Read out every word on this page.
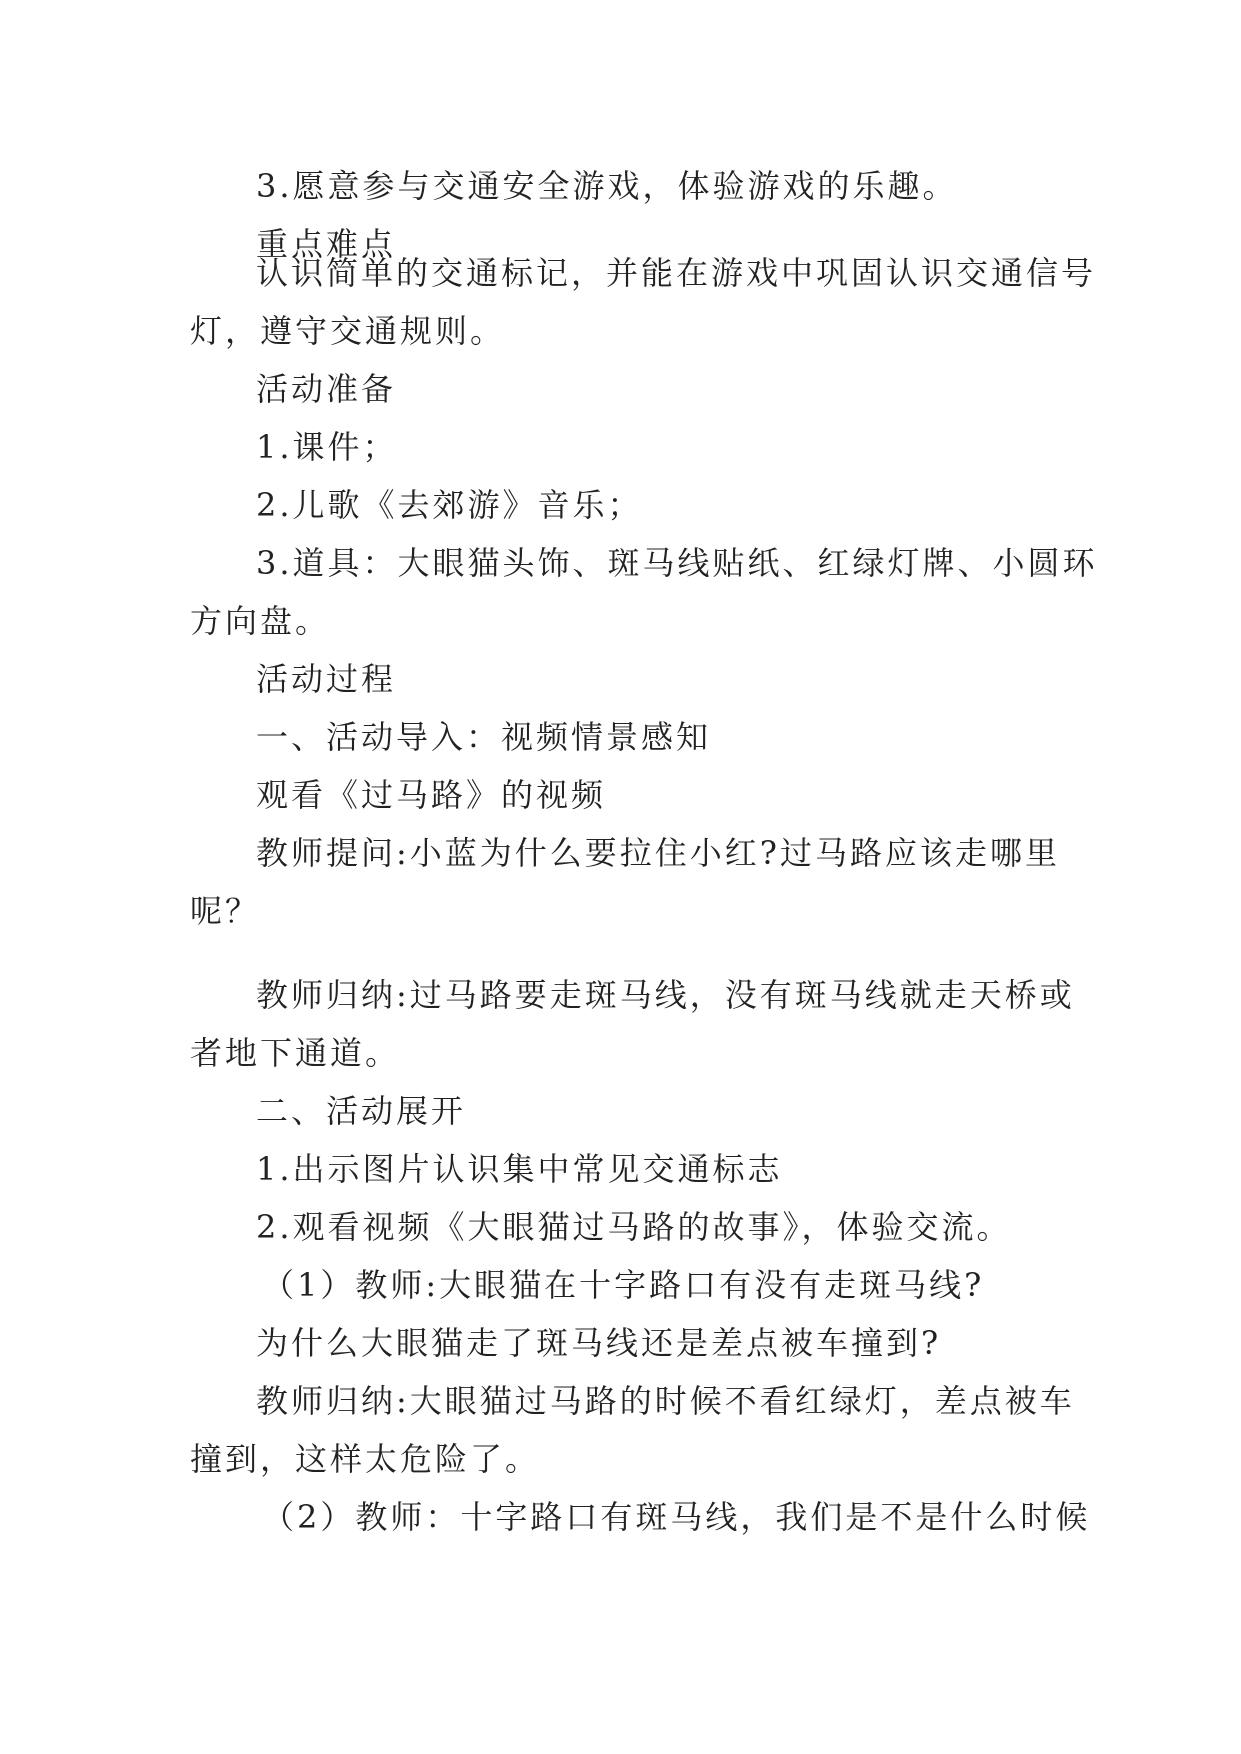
3.愿意参与交通安全游戏，体验游戏的乐趣。

重点难点

认识简单的交通标记，并能在游戏中巩固认识交通信号

灯，遵守交通规则。

活动准备

1.课件；

2.儿歌《去郊游》音乐；

3.道具：大眼猫头饰、斑马线贴纸、红绿灯牌、小圆环

方向盘。

活动过程

一、活动导入：视频情景感知

观看《过马路》的视频

教师提问:小蓝为什么要拉住小红?过马路应该走哪里

呢？

教师归纳:过马路要走斑马线，没有斑马线就走天桥或

者地下通道。

二、活动展开

1.出示图片认识集中常见交通标志

2.观看视频《大眼猫过马路的故事》，体验交流。

（1）教师:大眼猫在十字路口有没有走斑马线?

为什么大眼猫走了斑马线还是差点被车撞到?

教师归纳:大眼猫过马路的时候不看红绿灯，差点被车

撞到，这样太危险了。

（2）教师：十字路口有斑马线，我们是不是什么时候
